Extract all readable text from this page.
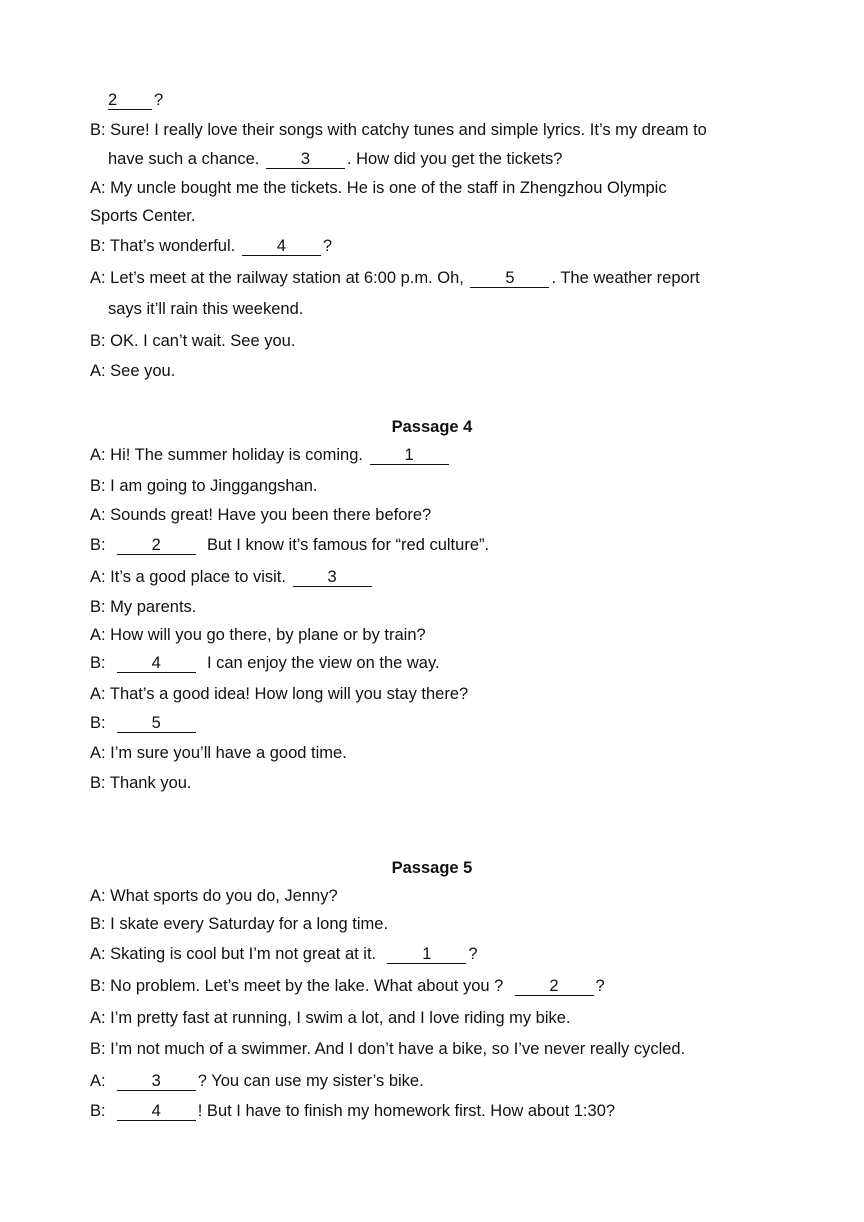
2 ?
B: Sure! I really love their songs with catchy tunes and simple lyrics. It’s my dream to
have such a chance.	3 . How did you get the tickets?
A: My uncle bought me the tickets. He is one of the staff in Zhengzhou Olympic
Sports Center.
B: That’s wonderful.	4 ?
A: Let’s meet at the railway station at 6:00 p.m. Oh,	5 . The weather report
says it’ll rain this weekend.
B: OK. I can’t wait. See you.
A: See you.
Passage 4
A: Hi! The summer holiday is coming.	1
B: I am going to Jinggangshan.
A: Sounds great! Have you been there before?
B:	2	But I know it’s famous for “red culture”.
A: It’s a good place to visit.	3
B: My parents.
A: How will you go there, by plane or by train?
B:	4	I can enjoy the view on the way.
A: That’s a good idea! How long will you stay there?
B:	5
A: I’m sure you’ll have a good time.
B: Thank you.
Passage 5
A: What sports do you do, Jenny?
B: I skate every Saturday for a long time.
A: Skating is cool but I’m not great at it.	1 ?
B: No problem. Let’s meet by the lake. What about you ?	2 ?
A: I’m pretty fast at running, I swim a lot, and I love riding my bike.
B: I’m not much of a swimmer. And I don’t have a bike, so I’ve never really cycled.
A:	3 ? You can use my sister’s bike.
B:	4 ! But I have to finish my homework first. How about 1:30?
